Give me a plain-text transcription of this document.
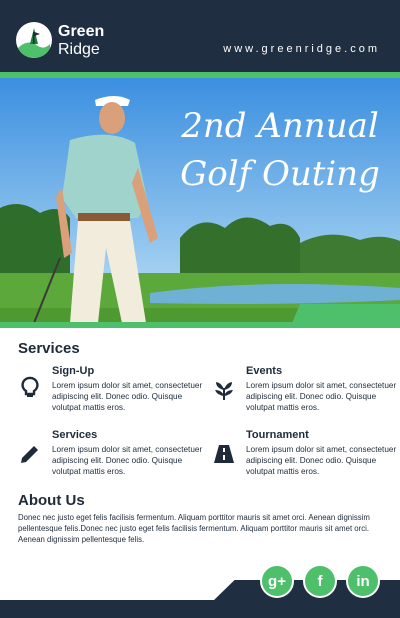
Green
Ridge	www.greenridge.com
2nd Annual
Golf Outing
Services
Sign-Up
Lorem ipsum dolor sit amet, consectetuer adipiscing elit. Donec odio. Quisque volutpat mattis eros.
Events
Lorem ipsum dolor sit amet, consectetuer adipiscing elit. Donec odio. Quisque volutpat mattis eros.
Services
Lorem ipsum dolor sit amet, consectetuer adipiscing elit. Donec odio. Quisque volutpat mattis eros.
Tournament
Lorem ipsum dolor sit amet, consectetuer adipiscing elit. Donec odio. Quisque volutpat mattis eros.
About Us
Donec nec justo eget felis facilisis fermentum. Aliquam porttitor mauris sit amet orci. Aenean dignissim pellentesque felis.Donec nec justo eget felis facilisis fermentum. Aliquam porttitor mauris sit amet orci. Aenean dignissim pellentesque felis.
g+ f in
